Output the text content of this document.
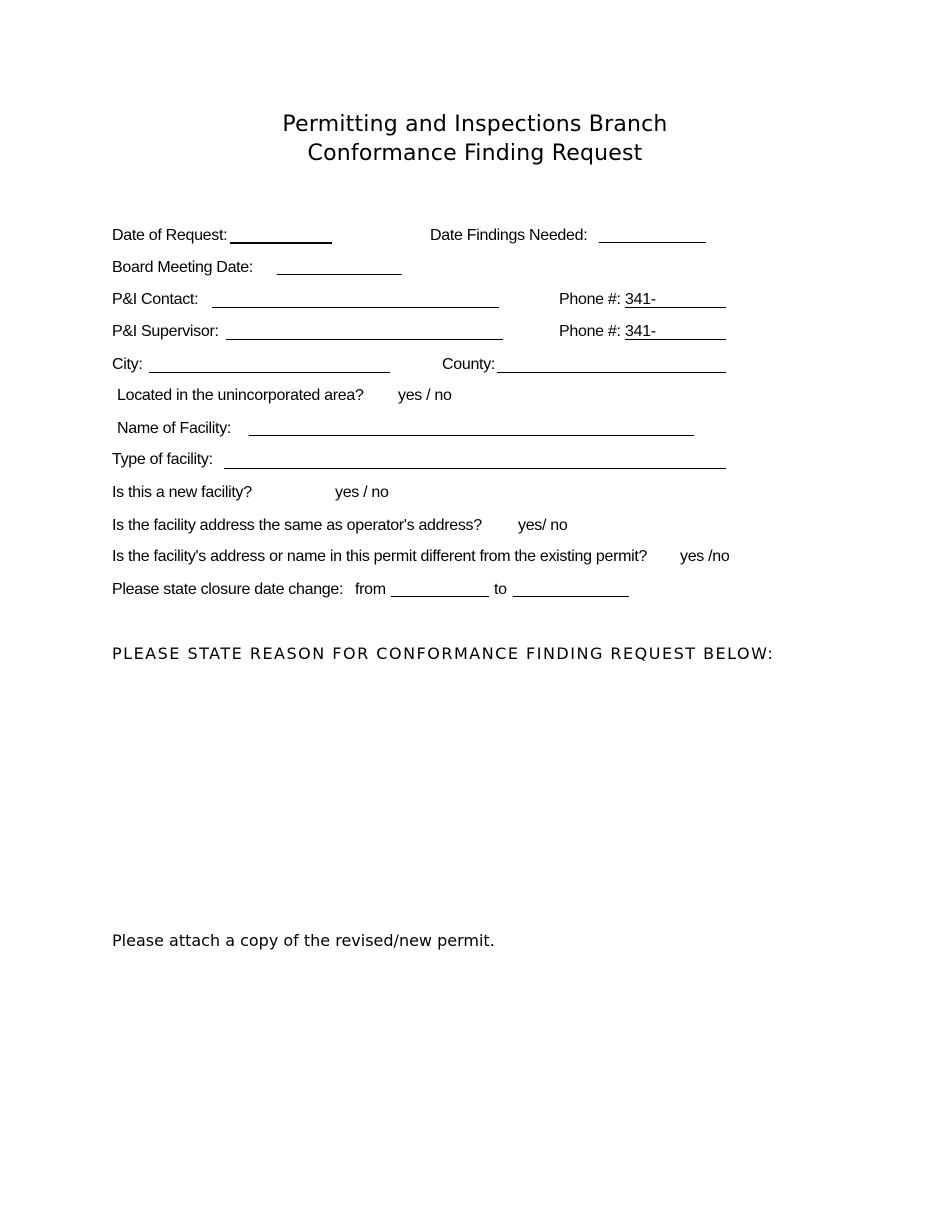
Permitting and Inspections Branch
Conformance Finding Request
Date of Request:	Date Findings Needed: ____________
Board Meeting Date: ______________
P&I Contact:	Phone #: 341-
P&I Supervisor:	Phone #: 341-
City:	County:
Located in the unincorporated area? yes / no
Name of Facility: __________________________________________________
Type of facility:
Is this a new facility?	yes / no
Is the facility address the same as operator's address? yes/ no
Is the facility's address or name in this permit different from the existing permit? yes /no
Please state closure date change: from ___________ to _____________
PLEASE STATE REASON FOR CONFORMANCE FINDING REQUEST BELOW:
Please attach a copy of the revised/new permit.
